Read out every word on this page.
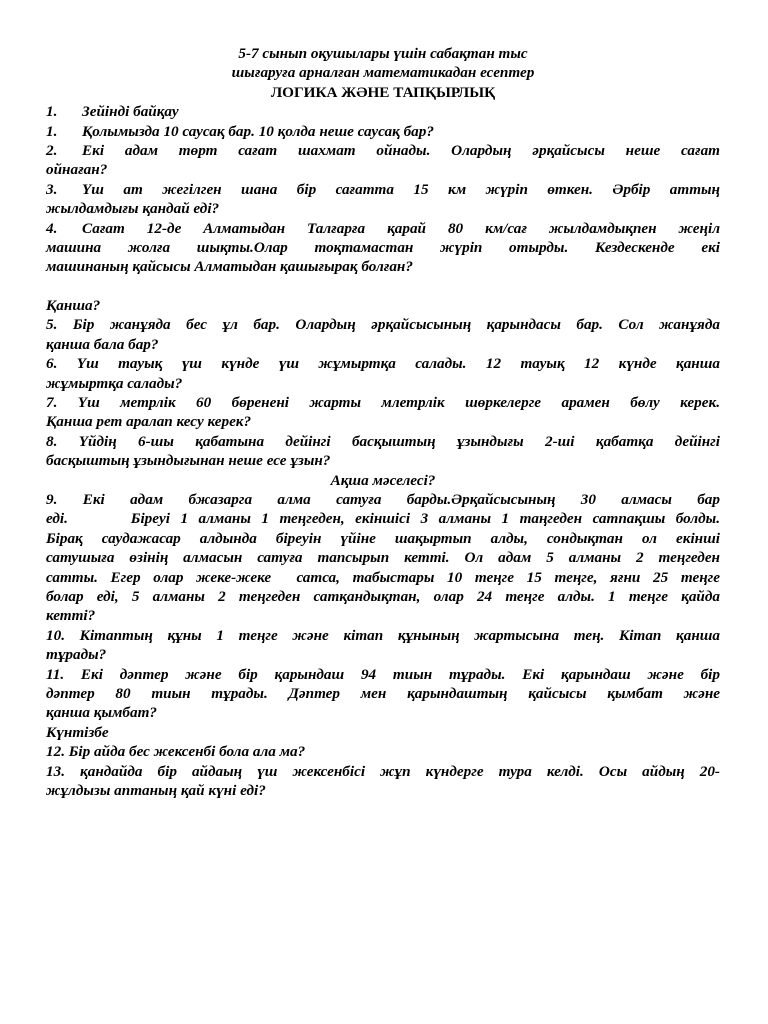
5-7 сынып оқушылары үшін сабақтан тыс

шығаруға арналған математикадан есептер

ЛОГИКА ЖӘНЕ ТАПҚЫРЛЫҚ

1.	Зейінді байқау
1.	Қолымызда 10 саусақ бар. 10 қолда неше саусақ бар?
2.	Екі адам төрт сағат шахмат ойнады. Олардың әрқайсысы неше сағат

ойнаған?

3.	Үш ат жегілген шана бір сағатта 15 км жүріп өткен. Әрбір аттың

жылдамдығы қандай еді?

4.	Сағат 12-де Алматыдан Талғарға қарай 80 км/сағ жылдамдықпен жеңіл

машина жолға шықты.Олар тоқтамастан жүріп отырды. Кездескенде екі

машинаның қайсысы Алматыдан қашығырақ болған?

Қанша?

5. Бір жанұяда бес ұл бар. Олардың әрқайсысының қарындасы бар. Сол жанұяда

қанша бала бар?

6. Үш тауық үш күнде үш жұмыртқа салады. 12 тауық 12 күнде қанша

жұмыртқа салады?

7. Үш метрлік 60 бөренені жарты млетрлік шөркелерге арамен бөлу керек.

Қанша рет аралап кесу керек?

8. Үйдің 6-шы қабатына дейінгі басқыштың ұзындығы 2-ші қабатқа дейінгі

басқыштың ұзындығынан неше есе ұзын?

Ақша мәселесі?

9. Екі адам бжазарга алма сатуға барды.Әрқайсысының 30 алмасы бар

еді.      Біреуі 1 алманы 1 теңгеден, екіншісі 3 алманы 1 таңгеден сатпақшы болды.

Бірақ саудажасар алдында біреуін үйіне шақыртып алды, сондықтан ол екінші

сатушыға өзінің алмасын сатуға тапсырып кетті. Ол адам 5 алманы 2 теңгеден

сатты. Егер олар жеке-жеке  сатса, табыстары 10 теңге 15 теңге, яғни 25 теңге

болар еді, 5 алманы 2 теңгеден сатқандықтан, олар 24 теңге алды. 1 теңге қайда

кетті?

10. Кітаптың құны 1 теңге және кітап құнының жартысына тең. Кітап қанша

тұрады?

11. Екі дәптер және бір қарындаш 94 тиын тұрады. Екі қарындаш және бір

дәптер 80 тиын тұрады. Дәптер мен қарындаштың қайсысы қымбат және

қанша қымбат?

Күнтізбе

12. Бір айда бес жексенбі бола ала ма?

13. қандайда бір айдаың үш жексенбісі жұп күндерге тура келді. Осы айдың 20-

жұлдызы аптаның қай күні еді?
